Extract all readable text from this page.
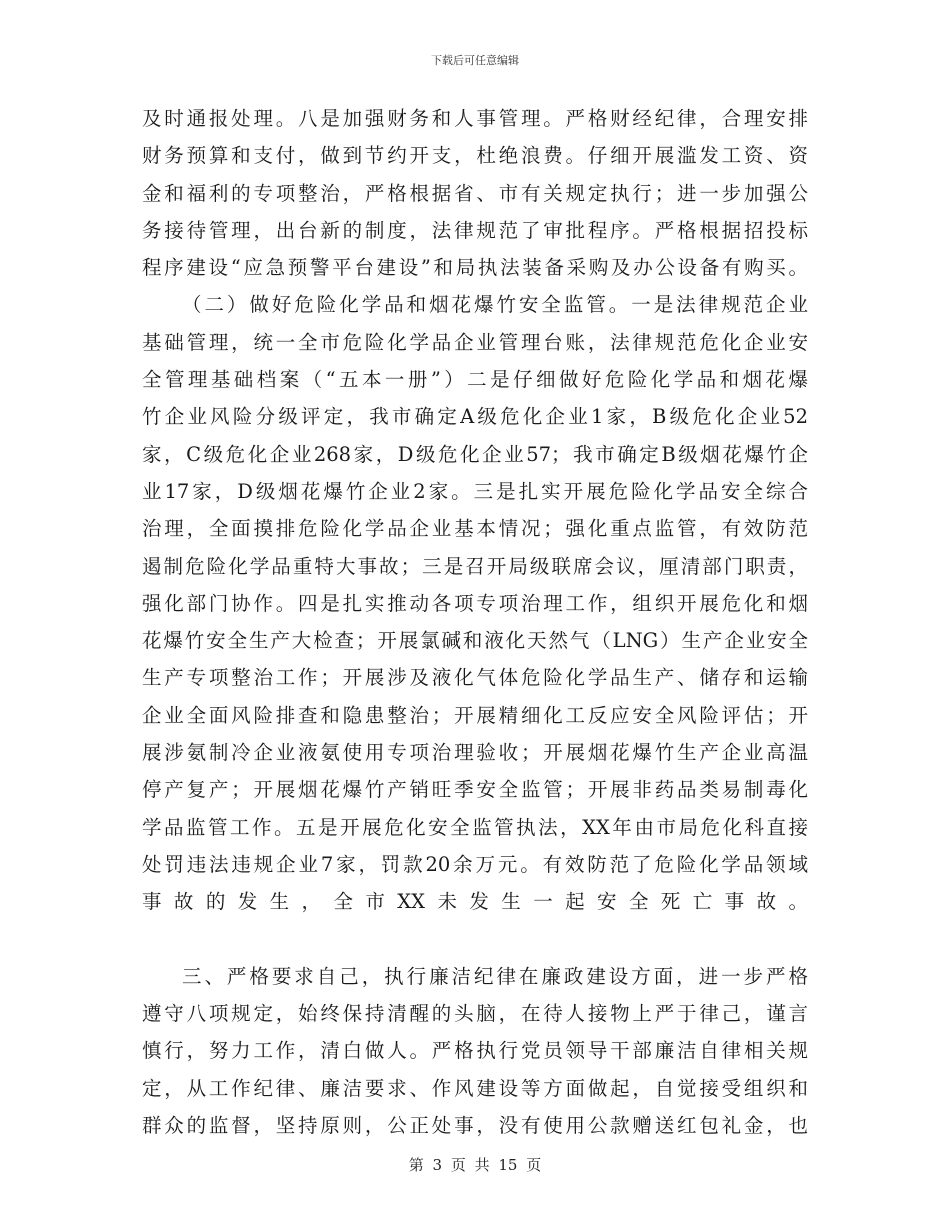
下载后可任意编辑
及时通报处理。八是加强财务和人事管理。严格财经纪律，合理安排
财务预算和支付，做到节约开支，杜绝浪费。仔细开展滥发工资、资
金和福利的专项整治，严格根据省、市有关规定执行；进一步加强公
务接待管理，出台新的制度，法律规范了审批程序。严格根据招投标
程序建设“应急预警平台建设”和局执法装备采购及办公设备有购买。
（二）做好危险化学品和烟花爆竹安全监管。一是法律规范企业
基础管理，统一全市危险化学品企业管理台账，法律规范危化企业安
全管理基础档案（“五本一册”）二是仔细做好危险化学品和烟花爆
竹企业风险分级评定，我市确定A级危化企业1家，B级危化企业52
家，C级危化企业268家，D级危化企业57；我市确定B级烟花爆竹企
业17家，D级烟花爆竹企业2家。三是扎实开展危险化学品安全综合
治理，全面摸排危险化学品企业基本情况；强化重点监管，有效防范
遏制危险化学品重特大事故；三是召开局级联席会议，厘清部门职责，
强化部门协作。四是扎实推动各项专项治理工作，组织开展危化和烟
花爆竹安全生产大检查；开展氯碱和液化天然气（LNG）生产企业安全
生产专项整治工作；开展涉及液化气体危险化学品生产、储存和运输
企业全面风险排查和隐患整治；开展精细化工反应安全风险评估；开
展涉氨制冷企业液氨使用专项治理验收；开展烟花爆竹生产企业高温
停产复产；开展烟花爆竹产销旺季安全监管；开展非药品类易制毒化
学品监管工作。五是开展危化安全监管执法，XX年由市局危化科直接
处罚违法违规企业7家，罚款20余万元。有效防范了危险化学品领域
事故的发生，全市XX未发生一起安全死亡事故。
三、严格要求自己，执行廉洁纪律在廉政建设方面，进一步严格
遵守八项规定，始终保持清醒的头脑，在待人接物上严于律己，谨言
慎行，努力工作，清白做人。严格执行党员领导干部廉洁自律相关规
定，从工作纪律、廉洁要求、作风建设等方面做起，自觉接受组织和
群众的监督，坚持原则，公正处事，没有使用公款赠送红包礼金，也
第 3 页 共 15 页
